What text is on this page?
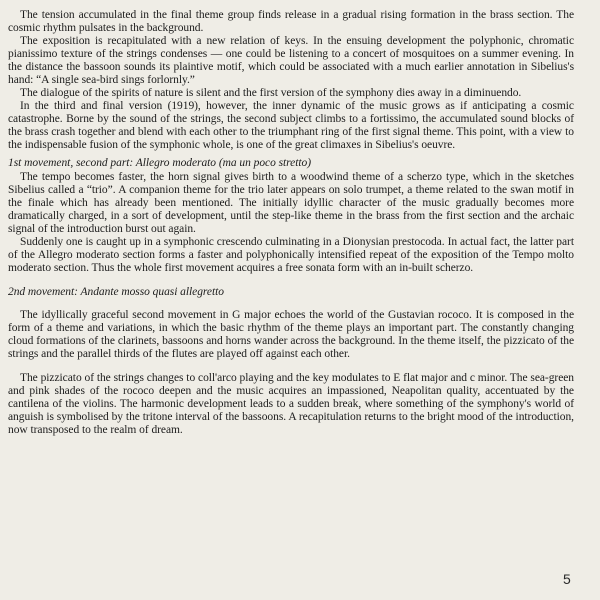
The tension accumulated in the final theme group finds release in a gradual rising formation in the brass section. The cosmic rhythm pulsates in the background.

The exposition is recapitulated with a new relation of keys. In the ensuing development the polyphonic, chromatic pianissimo texture of the strings condenses — one could be listening to a concert of mosquitoes on a summer evening. In the distance the bassoon sounds its plaintive motif, which could be associated with a much earlier annotation in Sibelius's hand: “A single sea-bird sings forlornly.”

The dialogue of the spirits of nature is silent and the first version of the symphony dies away in a diminuendo.

In the third and final version (1919), however, the inner dynamic of the music grows as if anticipating a cosmic catastrophe. Borne by the sound of the strings, the second subject climbs to a fortissimo, the accumulated sound blocks of the brass crash together and blend with each other to the triumphant ring of the first signal theme. This point, with a view to the indispensable fusion of the symphonic whole, is one of the great climaxes in Sibelius's oeuvre.

1st movement, second part: Allegro moderato (ma un poco stretto)

The tempo becomes faster, the horn signal gives birth to a woodwind theme of a scherzo type, which in the sketches Sibelius called a “trio”. A companion theme for the trio later appears on solo trumpet, a theme related to the swan motif in the finale which has already been mentioned. The initially idyllic character of the music gradually becomes more dramatically charged, in a sort of development, until the step-like theme in the brass from the first section and the archaic signal of the introduction burst out again.

Suddenly one is caught up in a symphonic crescendo culminating in a Dionysian prestocoda. In actual fact, the latter part of the Allegro moderato section forms a faster and polyphonically intensified repeat of the exposition of the Tempo molto moderato section. Thus the whole first movement acquires a free sonata form with an in-built scherzo.

2nd movement: Andante mosso quasi allegretto

The idyllically graceful second movement in G major echoes the world of the Gustavian rococo. It is composed in the form of a theme and variations, in which the basic rhythm of the theme plays an important part. The constantly changing cloud formations of the clarinets, bassoons and horns wander across the background. In the theme itself, the pizzicato of the strings and the parallel thirds of the flutes are played off against each other.

The pizzicato of the strings changes to coll'arco playing and the key modulates to E flat major and c minor. The sea-green and pink shades of the rococo deepen and the music acquires an impassioned, Neapolitan quality, accentuated by the cantilena of the violins. The harmonic development leads to a sudden break, where something of the symphony's world of anguish is symbolised by the tritone interval of the bassoons. A recapitulation returns to the bright mood of the introduction, now transposed to the realm of dream.

5
